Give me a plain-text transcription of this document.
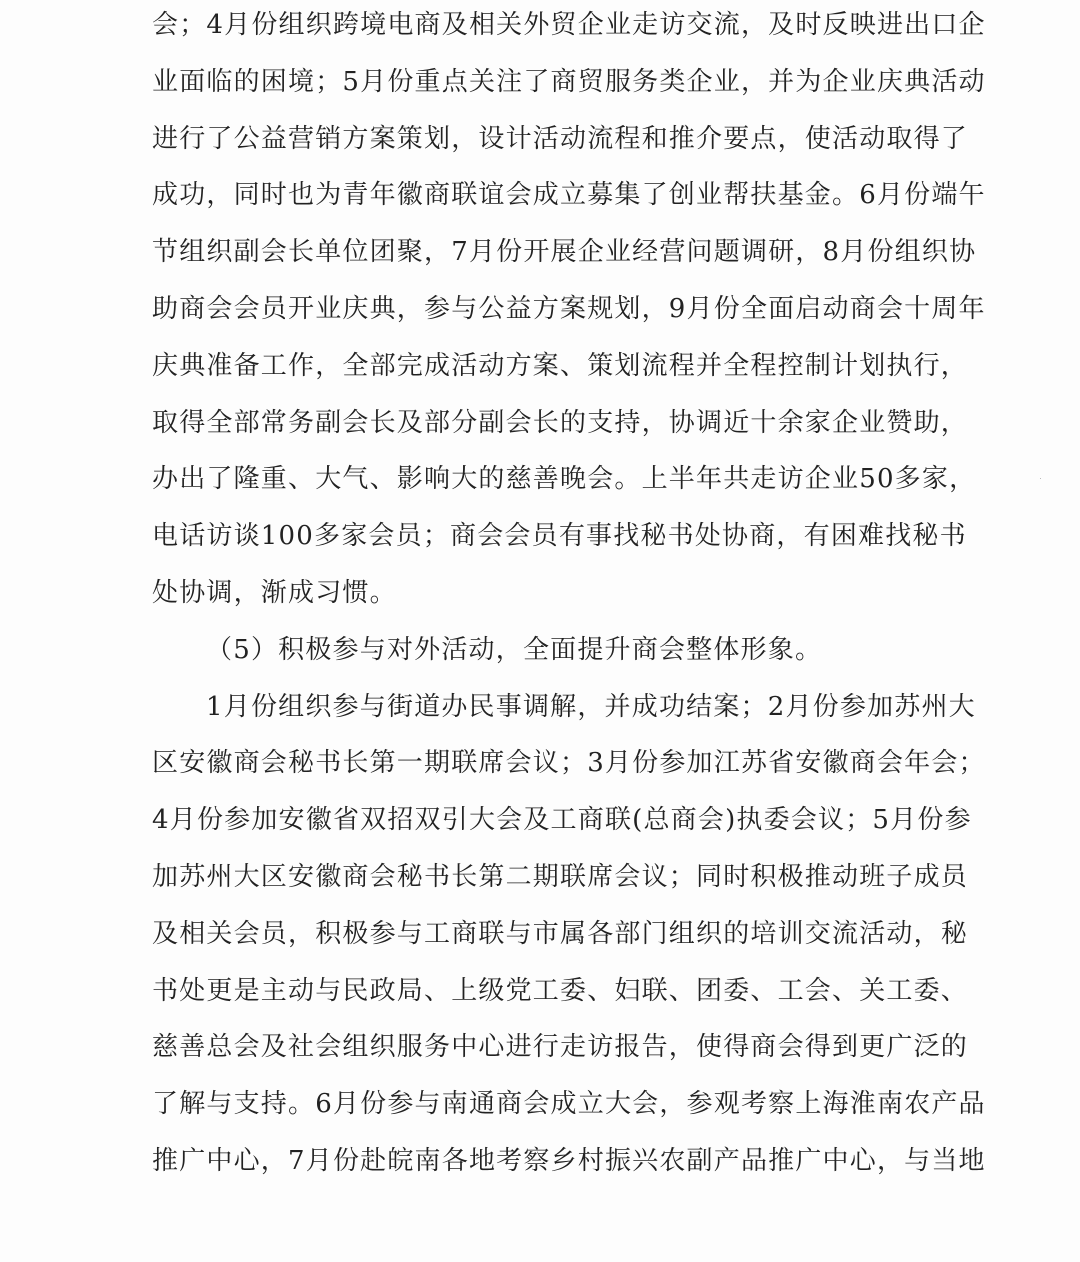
会；4月份组织跨境电商及相关外贸企业走访交流，及时反映进出口企
业面临的困境；5月份重点关注了商贸服务类企业，并为企业庆典活动
进行了公益营销方案策划，设计活动流程和推介要点，使活动取得了
成功，同时也为青年徽商联谊会成立募集了创业帮扶基金。6月份端午
节组织副会长单位团聚，7月份开展企业经营问题调研，8月份组织协
助商会会员开业庆典，参与公益方案规划，9月份全面启动商会十周年
庆典准备工作，全部完成活动方案、策划流程并全程控制计划执行，
取得全部常务副会长及部分副会长的支持，协调近十余家企业赞助，
办出了隆重、大气、影响大的慈善晚会。上半年共走访企业50多家，
电话访谈100多家会员；商会会员有事找秘书处协商，有困难找秘书
处协调，渐成习惯。
（5）积极参与对外活动，全面提升商会整体形象。
1月份组织参与街道办民事调解，并成功结案；2月份参加苏州大
区安徽商会秘书长第一期联席会议；3月份参加江苏省安徽商会年会；
4月份参加安徽省双招双引大会及工商联(总商会)执委会议；5月份参
加苏州大区安徽商会秘书长第二期联席会议；同时积极推动班子成员
及相关会员，积极参与工商联与市属各部门组织的培训交流活动，秘
书处更是主动与民政局、上级党工委、妇联、团委、工会、关工委、
慈善总会及社会组织服务中心进行走访报告，使得商会得到更广泛的
了解与支持。6月份参与南通商会成立大会，参观考察上海淮南农产品
推广中心，7月份赴皖南各地考察乡村振兴农副产品推广中心，与当地
